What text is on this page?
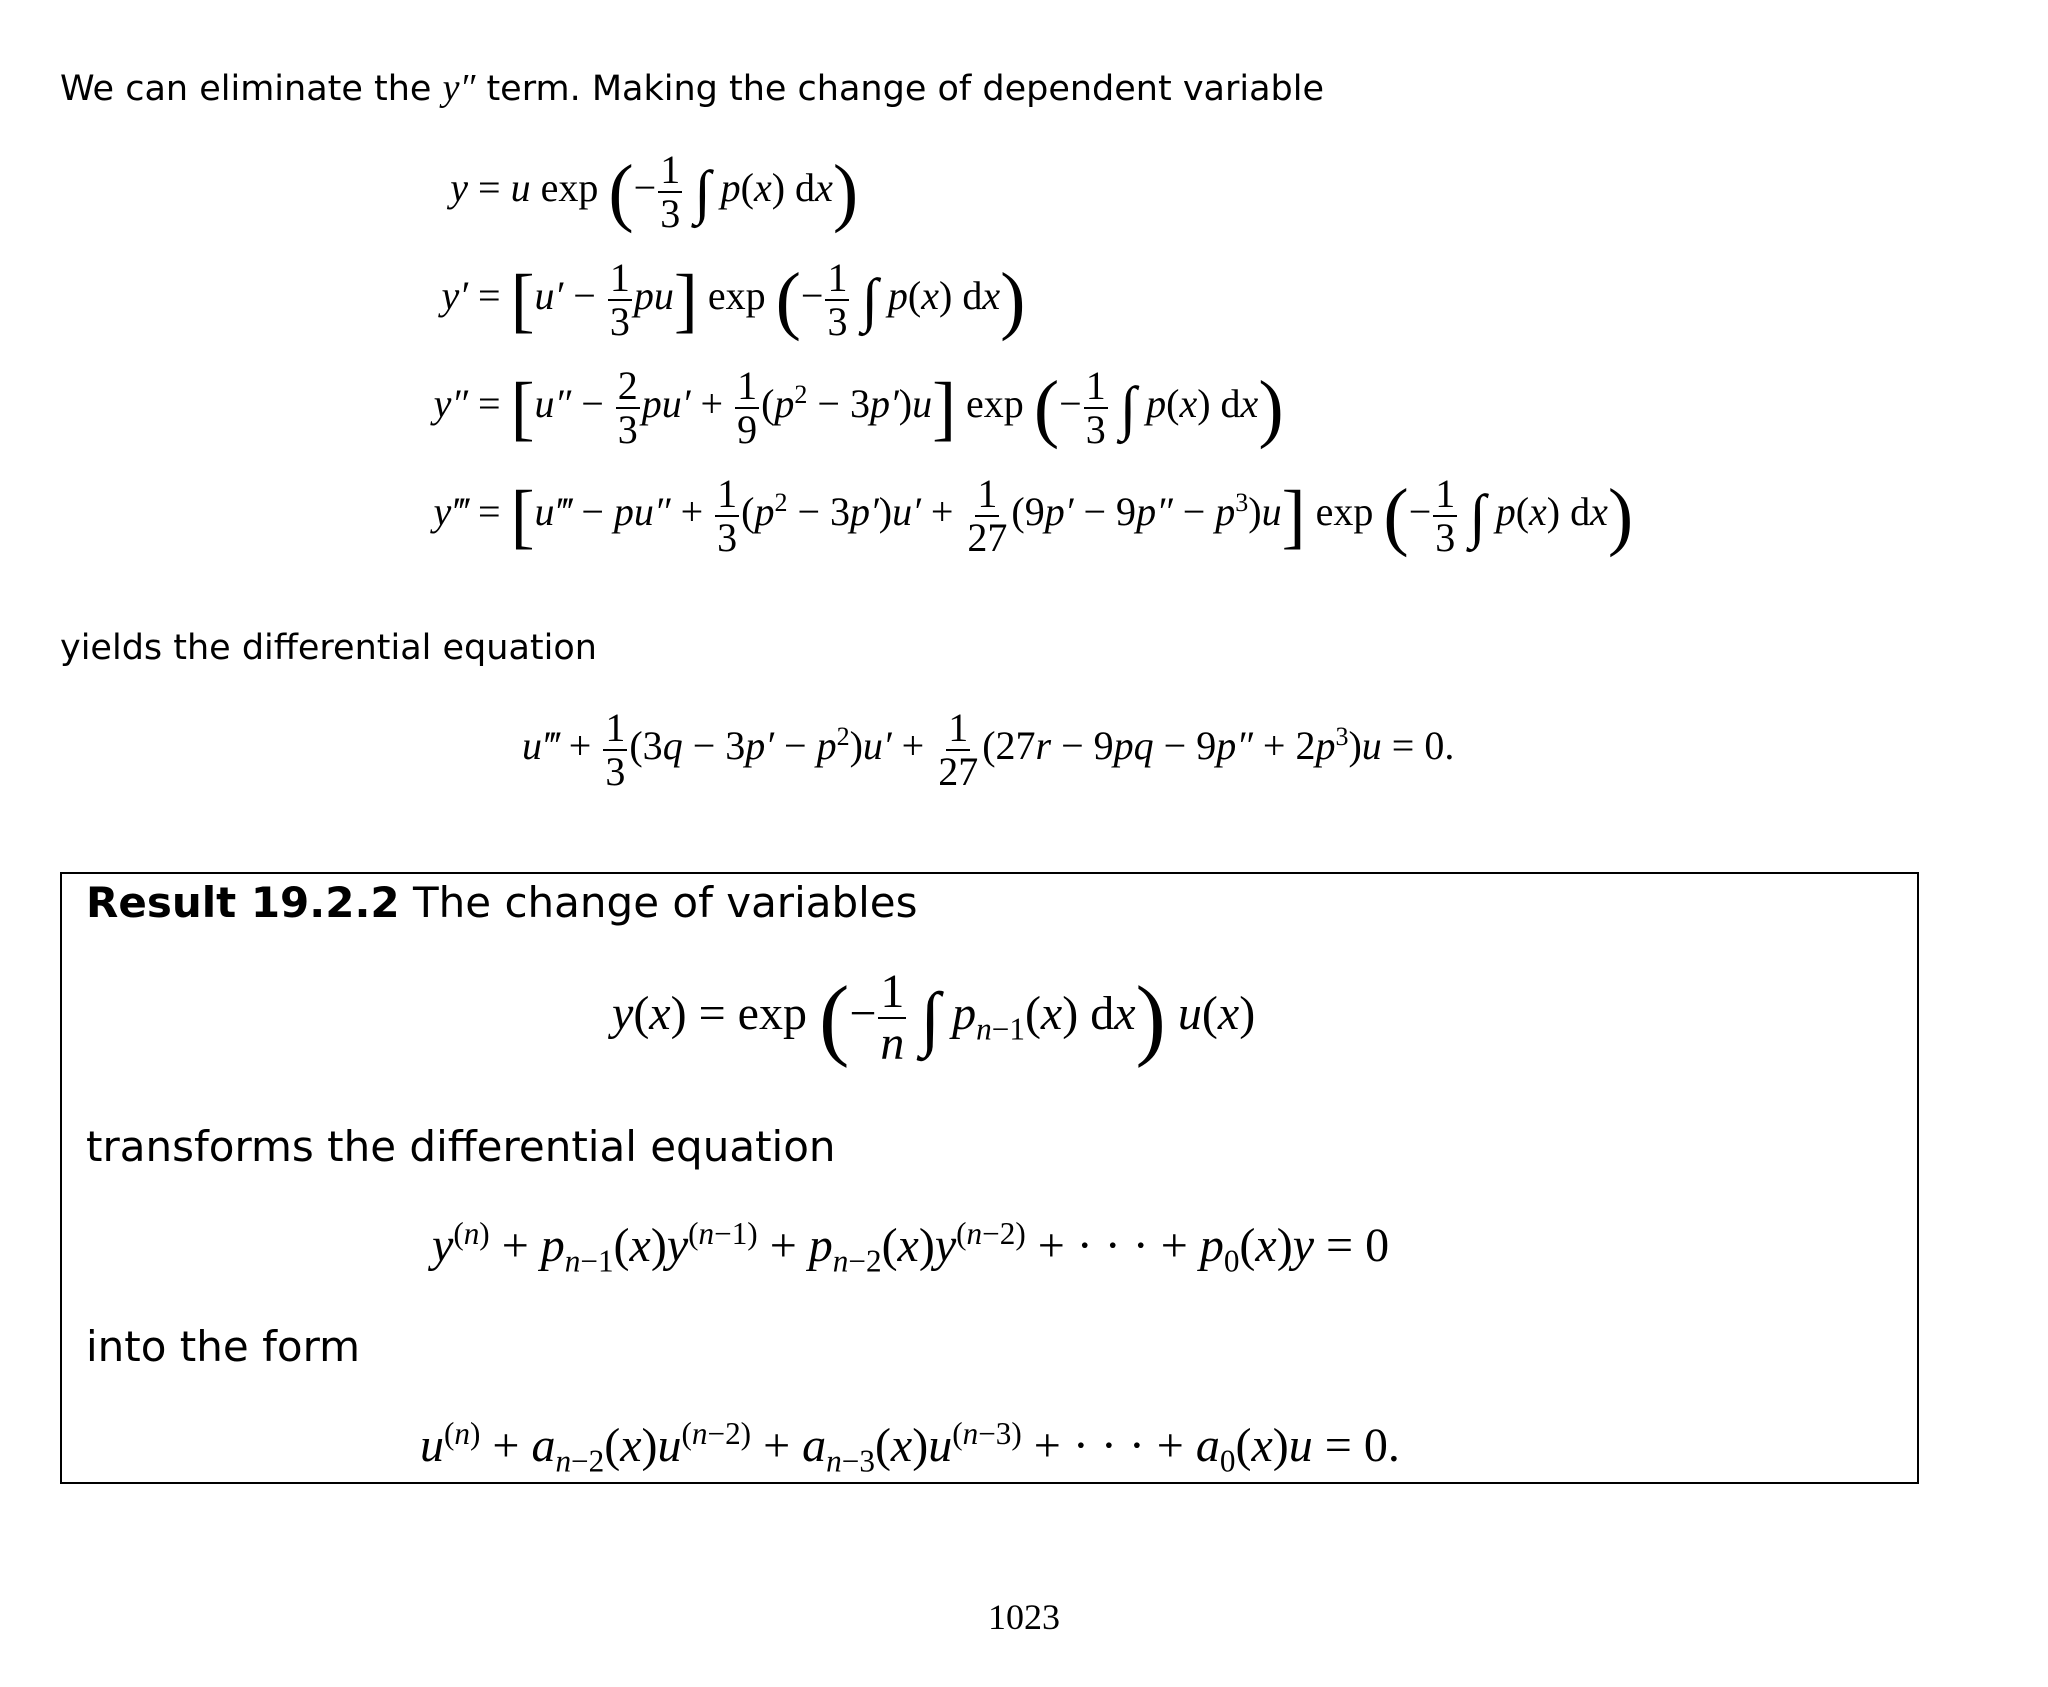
We can eliminate the y″ term. Making the change of dependent variable
y = u exp (− $\frac{1}{3}$ ∫ p(x) dx)
$y' = [u' - \frac{1}{3} pu]$ exp (− $\frac{1}{3}$ ∫ p(x) dx)
$y'' = [u'' - \frac{2}{3} pu' + \frac{1}{9} (p^2 - 3p')u]$ exp (− $\frac{1}{3}$ ∫ p(x) dx)
y‴ = [u‴ − $pu'' + \frac{1}{3} (p^2 - 3p')u' + \frac{1}{27} (9p' - 9p'' - p^3)u$] exp (− $\frac{1}{3}$ ∫ p(x) dx)
yields the differential equation
u‴ + $\frac{1}{3} (3q - 3p' - p^2)u' + \frac{1}{27} (27r - 9pq - 9p'' + 2p^3)u = 0$.
Result 19.2.2 The change of variables
y(x) = exp (− $\frac{1}{n}$ ∫ $p_{n-1}(x)$ dx) u(x)
transforms the differential equation
$y^{(n)} + p_{n-1}(x)y^{(n-1)} + p_{n-2}(x)y^{(n-2)}$ + · · · + $p_0(x)y = 0$
into the form
$u^{(n)} + a_{n-2}(x)u^{(n-2)} + a_{n-3}(x)u^{(n-3)}$ + · · · + $a_0(x)u = 0$.
1023
